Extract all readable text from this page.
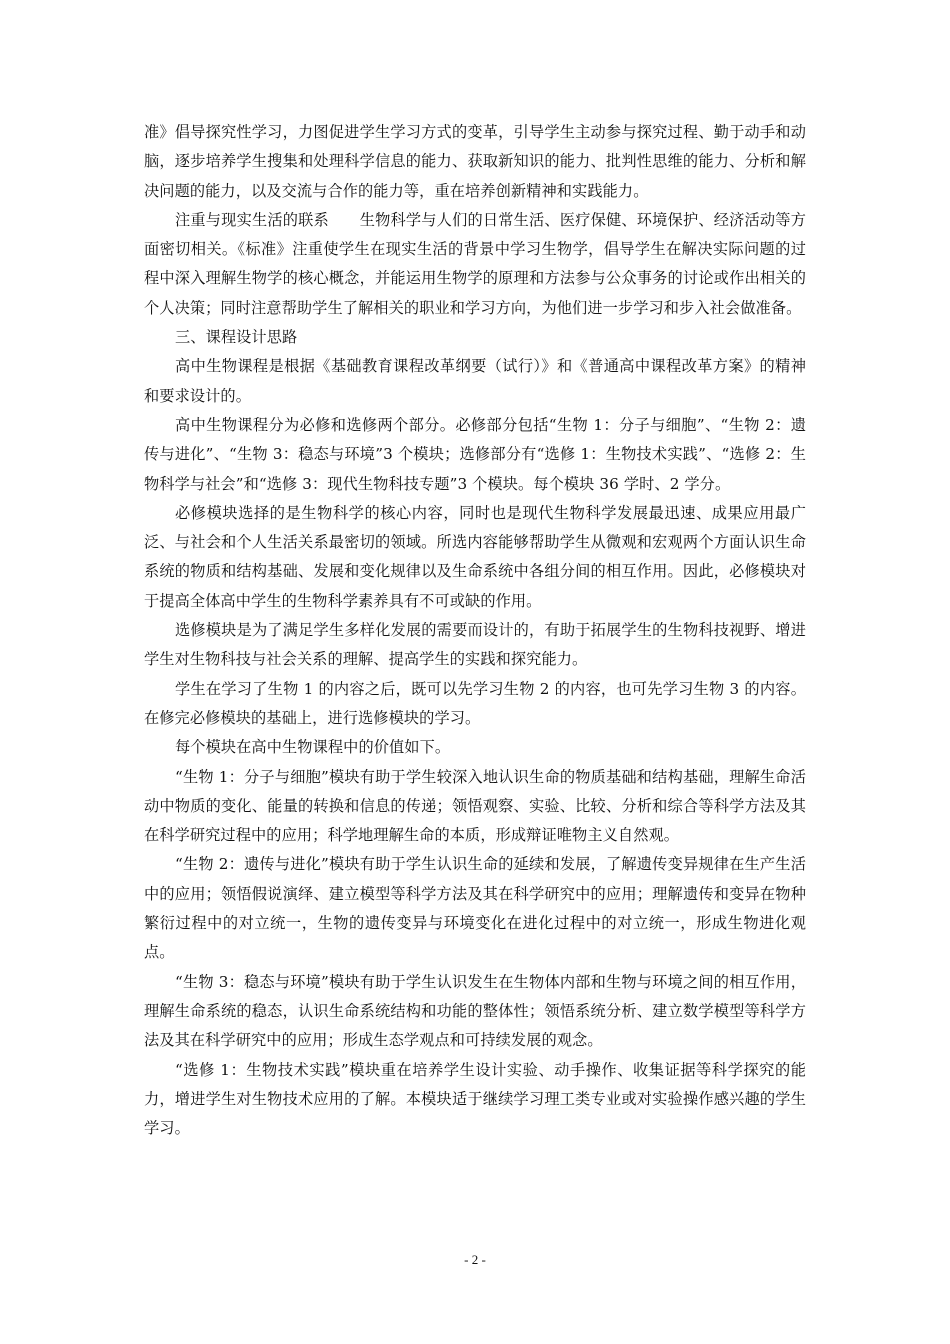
准》倡导探究性学习，力图促进学生学习方式的变革，引导学生主动参与探究过程、勤于动手和动脑，逐步培养学生搜集和处理科学信息的能力、获取新知识的能力、批判性思维的能力、分析和解决问题的能力，以及交流与合作的能力等，重在培养创新精神和实践能力。

注重与现实生活的联系　　生物科学与人们的日常生活、医疗保健、环境保护、经济活动等方面密切相关。《标准》注重使学生在现实生活的背景中学习生物学，倡导学生在解决实际问题的过程中深入理解生物学的核心概念，并能运用生物学的原理和方法参与公众事务的讨论或作出相关的个人决策；同时注意帮助学生了解相关的职业和学习方向，为他们进一步学习和步入社会做准备。

三、课程设计思路

高中生物课程是根据《基础教育课程改革纲要（试行）》和《普通高中课程改革方案》的精神和要求设计的。

高中生物课程分为必修和选修两个部分。必修部分包括“生物 1：分子与细胞”、“生物 2：遗传与进化”、“生物 3：稳态与环境”3 个模块；选修部分有“选修 1：生物技术实践”、“选修 2：生物科学与社会”和“选修 3：现代生物科技专题”3 个模块。每个模块 36 学时、2 学分。

必修模块选择的是生物科学的核心内容，同时也是现代生物科学发展最迅速、成果应用最广泛、与社会和个人生活关系最密切的领域。所选内容能够帮助学生从微观和宏观两个方面认识生命系统的物质和结构基础、发展和变化规律以及生命系统中各组分间的相互作用。因此，必修模块对于提高全体高中学生的生物科学素养具有不可或缺的作用。

选修模块是为了满足学生多样化发展的需要而设计的，有助于拓展学生的生物科技视野、增进学生对生物科技与社会关系的理解、提高学生的实践和探究能力。

学生在学习了生物 1 的内容之后，既可以先学习生物 2 的内容，也可先学习生物 3 的内容。在修完必修模块的基础上，进行选修模块的学习。

每个模块在高中生物课程中的价值如下。

“生物 1：分子与细胞”模块有助于学生较深入地认识生命的物质基础和结构基础，理解生命活动中物质的变化、能量的转换和信息的传递；领悟观察、实验、比较、分析和综合等科学方法及其在科学研究过程中的应用；科学地理解生命的本质，形成辩证唯物主义自然观。

“生物 2：遗传与进化”模块有助于学生认识生命的延续和发展，了解遗传变异规律在生产生活中的应用；领悟假说演绎、建立模型等科学方法及其在科学研究中的应用；理解遗传和变异在物种繁衍过程中的对立统一，生物的遗传变异与环境变化在进化过程中的对立统一，形成生物进化观点。

“生物 3：稳态与环境”模块有助于学生认识发生在生物体内部和生物与环境之间的相互作用，理解生命系统的稳态，认识生命系统结构和功能的整体性；领悟系统分析、建立数学模型等科学方法及其在科学研究中的应用；形成生态学观点和可持续发展的观念。

“选修 1：生物技术实践”模块重在培养学生设计实验、动手操作、收集证据等科学探究的能力，增进学生对生物技术应用的了解。本模块适于继续学习理工类专业或对实验操作感兴趣的学生学习。

- 2 -
